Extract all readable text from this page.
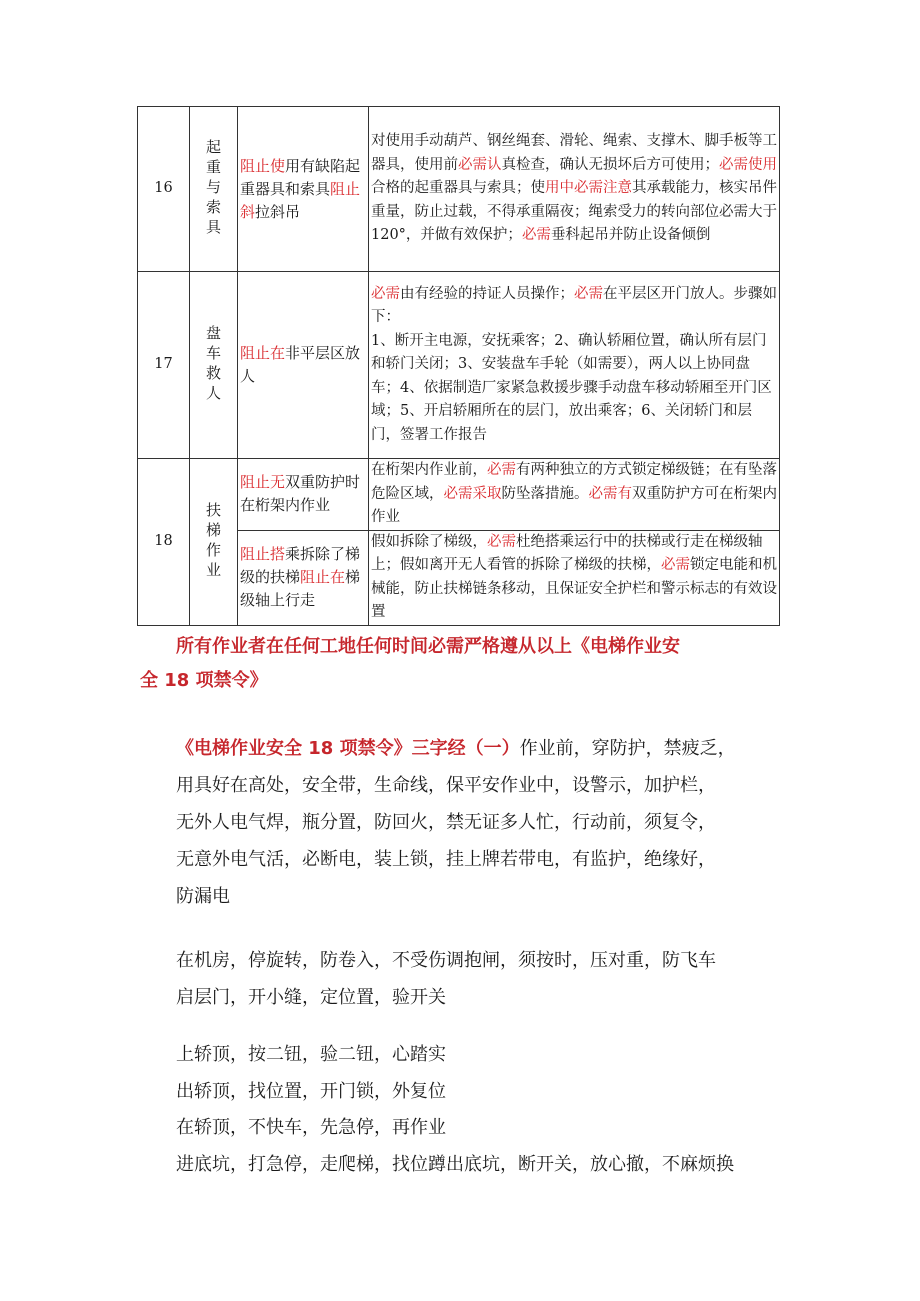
16	起重与索具	阻止使用有缺陷起重器具和索具阻止斜拉斜吊	对使用手动葫芦、钢丝绳套、滑轮、绳索、支撑木、脚手板等工器具，使用前必需认真检查，确认无损坏后方可使用；必需使用合格的起重器具与索具；使用中必需注意其承载能力，核实吊件重量，防止过载，不得承重隔夜；绳索受力的转向部位必需大于 120°，并做有效保护；必需垂科起吊并防止设备倾倒
17	盘车救人	阻止在非平层区放人	必需由有经验的持证人员操作；必需在平层区开门放人。步骤如下：
1、断开主电源，安抚乘客；2、确认轿厢位置，确认所有层门和轿门关闭；3、安装盘车手轮（如需要），两人以上协同盘车；4、依据制造厂家紧急救援步骤手动盘车移动轿厢至开门区域；5、开启轿厢所在的层门，放出乘客；6、关闭轿门和层门，签署工作报告
18	扶梯作业	阻止无双重防护时在桁架内作业	在桁架内作业前，必需有两种独立的方式锁定梯级链；在有坠落危险区域，必需采取防坠落措施。必需有双重防护方可在桁架内作业
		阻止搭乘拆除了梯级的扶梯阻止在梯级轴上行走	假如拆除了梯级，必需杜绝搭乘运行中的扶梯或行走在梯级轴上；假如离开无人看管的拆除了梯级的扶梯，必需锁定电能和机械能，防止扶梯链条移动，且保证安全护栏和警示标志的有效设置
所有作业者在任何工地任何时间必需严格遵从以上《电梯作业安
全 18 项禁令》
《电梯作业安全 18 项禁令》三字经（一）作业前，穿防护，禁疲乏，
用具好在高处，安全带，生命线，保平安作业中，设警示，加护栏，
无外人电气焊，瓶分置，防回火，禁无证多人忙，行动前，须复令，
无意外电气活，必断电，装上锁，挂上牌若带电，有监护，绝缘好，
防漏电
在机房，停旋转，防卷入，不受伤调抱闸，须按时，压对重，防飞车
启层门，开小缝，定位置，验开关
上轿顶，按二钮，验二钮，心踏实
出轿顶，找位置，开门锁，外复位
在轿顶，不快车，先急停，再作业
进底坑，打急停，走爬梯，找位蹲出底坑，断开关，放心撤，不麻烦换
